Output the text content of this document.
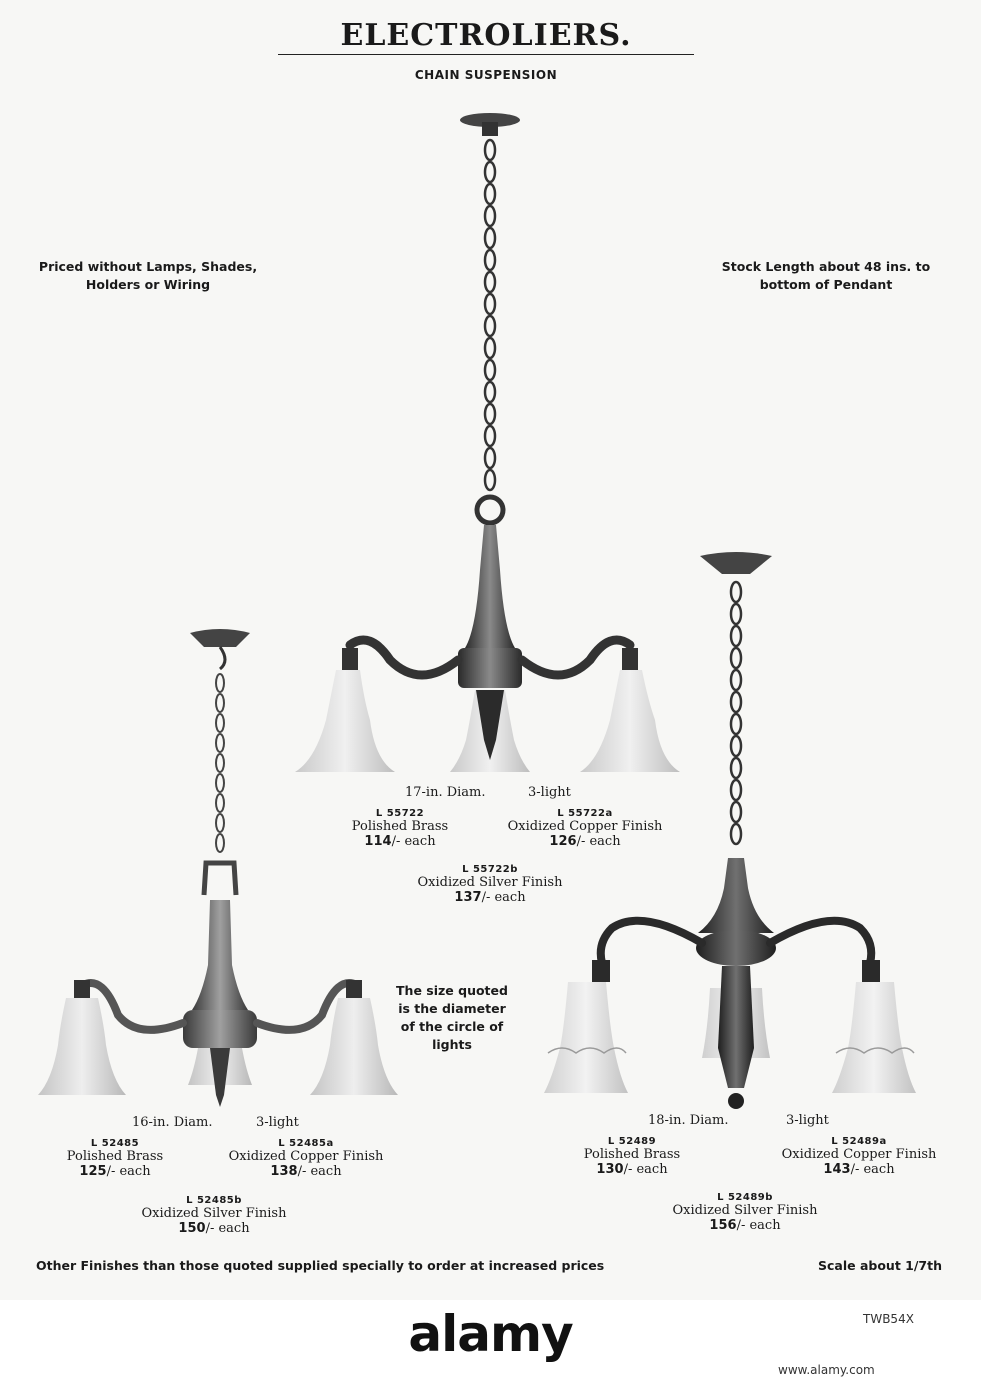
ELECTROLIERS.
CHAIN SUSPENSION
Priced without Lamps, Shades,
Holders or Wiring
Stock Length about 48 ins. to
bottom of Pendant
The size quoted
is the diameter
of the circle of
lights
17-in. Diam.	3-light
L 55722
Polished Brass
114/- each
L 55722a
Oxidized Copper Finish
126/- each
L 55722b
Oxidized Silver Finish
137/- each
16-in. Diam.	3-light
L 52485
Polished Brass
125/- each
L 52485a
Oxidized Copper Finish
138/- each
L 52485b
Oxidized Silver Finish
150/- each
18-in. Diam.	3-light
L 52489
Polished Brass
130/- each
L 52489a
Oxidized Copper Finish
143/- each
L 52489b
Oxidized Silver Finish
156/- each
Other Finishes than those quoted supplied specially to order at increased prices	Scale about 1/7th
alamy	TWB54X
www.alamy.com
